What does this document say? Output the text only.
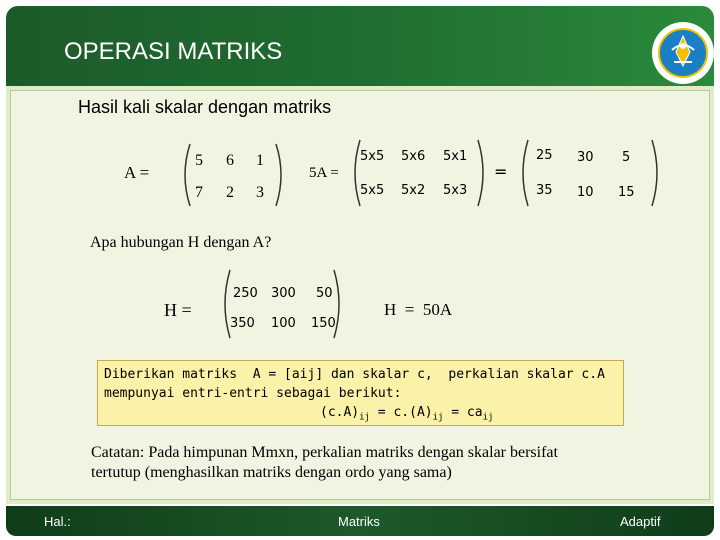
OPERASI MATRIKS
Hasil kali skalar dengan matriks
A =
5 6 1
7 2 3
5A =
5x5 5x6 5x1
5x5 5x2 5x3
=
25 30 5
35 10 15
Apa hubungan H dengan A?
H =
250 300 50
350 100 150
H  =  50A
Diberikan matriks  A = [aij] dan skalar c,  perkalian skalar c.A
mempunyai entri-entri sebagai berikut:
$(c.A)_{ij} = c.(A)_{ij} = ca_{ij}$
Catatan: Pada himpunan Mmxn, perkalian matriks dengan skalar bersifat
tertutup (menghasilkan matriks dengan ordo yang sama)
Hal.:	Matriks	Adaptif
